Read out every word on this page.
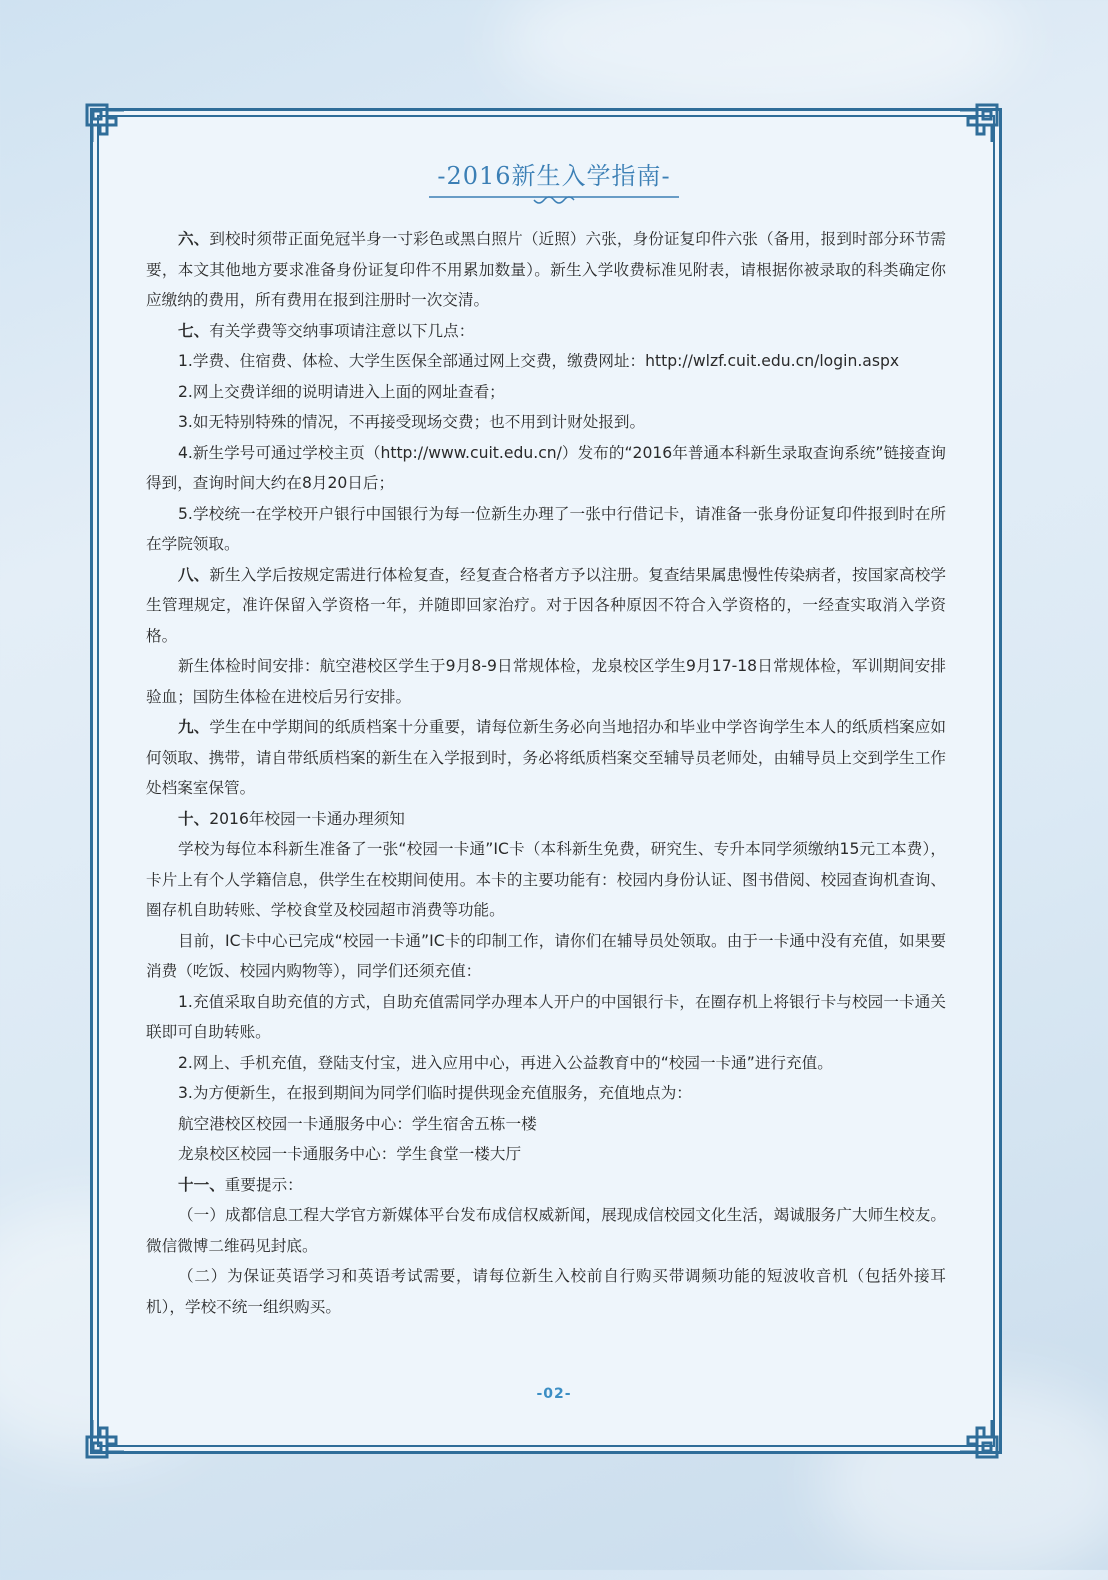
-2016新生入学指南-

六、到校时须带正面免冠半身一寸彩色或黑白照片（近照）六张，身份证复印件六张（备用，报到时部分环节需要，本文其他地方要求准备身份证复印件不用累加数量）。新生入学收费标准见附表，请根据你被录取的科类确定你应缴纳的费用，所有费用在报到注册时一次交清。

七、有关学费等交纳事项请注意以下几点：

1.学费、住宿费、体检、大学生医保全部通过网上交费，缴费网址：http://wlzf.cuit.edu.cn/login.aspx

2.网上交费详细的说明请进入上面的网址查看；

3.如无特别特殊的情况，不再接受现场交费；也不用到计财处报到。

4.新生学号可通过学校主页（http://www.cuit.edu.cn/）发布的“2016年普通本科新生录取查询系统”链接查询得到，查询时间大约在8月20日后；

5.学校统一在学校开户银行中国银行为每一位新生办理了一张中行借记卡，请准备一张身份证复印件报到时在所在学院领取。

八、新生入学后按规定需进行体检复查，经复查合格者方予以注册。复查结果属患慢性传染病者，按国家高校学生管理规定，准许保留入学资格一年，并随即回家治疗。对于因各种原因不符合入学资格的，一经查实取消入学资格。

新生体检时间安排：航空港校区学生于9月8-9日常规体检，龙泉校区学生9月17-18日常规体检，军训期间安排验血；国防生体检在进校后另行安排。

九、学生在中学期间的纸质档案十分重要，请每位新生务必向当地招办和毕业中学咨询学生本人的纸质档案应如何领取、携带，请自带纸质档案的新生在入学报到时，务必将纸质档案交至辅导员老师处，由辅导员上交到学生工作处档案室保管。

十、2016年校园一卡通办理须知

学校为每位本科新生准备了一张“校园一卡通”IC卡（本科新生免费，研究生、专升本同学须缴纳15元工本费），卡片上有个人学籍信息，供学生在校期间使用。本卡的主要功能有：校园内身份认证、图书借阅、校园查询机查询、圈存机自助转账、学校食堂及校园超市消费等功能。

目前，IC卡中心已完成“校园一卡通”IC卡的印制工作，请你们在辅导员处领取。由于一卡通中没有充值，如果要消费（吃饭、校园内购物等），同学们还须充值：

1.充值采取自助充值的方式，自助充值需同学办理本人开户的中国银行卡，在圈存机上将银行卡与校园一卡通关联即可自助转账。

2.网上、手机充值，登陆支付宝，进入应用中心，再进入公益教育中的“校园一卡通”进行充值。

3.为方便新生，在报到期间为同学们临时提供现金充值服务，充值地点为：

航空港校区校园一卡通服务中心：学生宿舍五栋一楼

龙泉校区校园一卡通服务中心：学生食堂一楼大厅

十一、重要提示：

（一）成都信息工程大学官方新媒体平台发布成信权威新闻，展现成信校园文化生活，竭诚服务广大师生校友。微信微博二维码见封底。

（二）为保证英语学习和英语考试需要，请每位新生入校前自行购买带调频功能的短波收音机（包括外接耳机），学校不统一组织购买。

-02-
